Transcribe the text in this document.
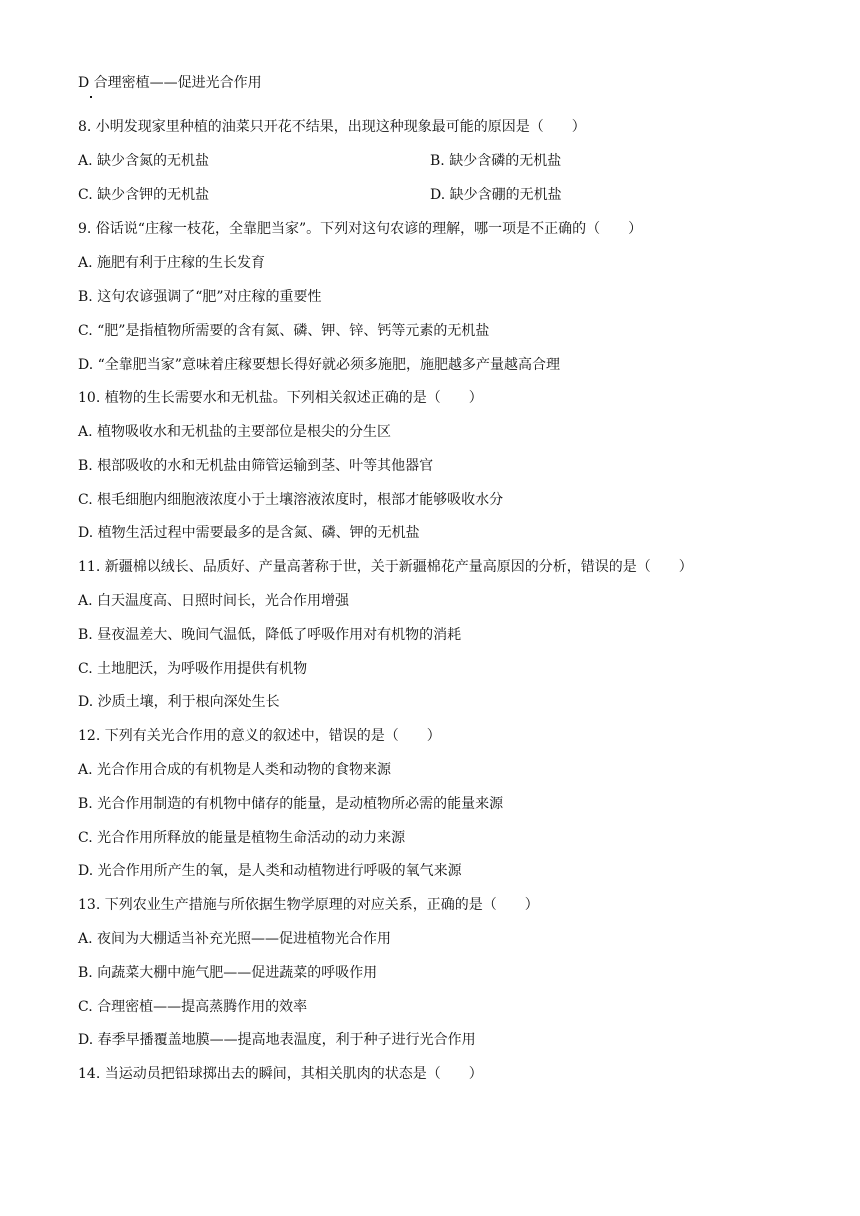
D 合理密植——促进光合作用
8. 小明发现家里种植的油菜只开花不结果，出现这种现象最可能的原因是（　　）
A. 缺少含氮的无机盐	B. 缺少含磷的无机盐
C. 缺少含钾的无机盐	D. 缺少含硼的无机盐
9. 俗话说“庄稼一枝花，全靠肥当家”。下列对这句农谚的理解，哪一项是不正确的（　　）
A. 施肥有利于庄稼的生长发育
B. 这句农谚强调了“肥”对庄稼的重要性
C. “肥”是指植物所需要的含有氮、磷、钾、锌、钙等元素的无机盐
D. “全靠肥当家”意味着庄稼要想长得好就必须多施肥，施肥越多产量越高合理
10. 植物的生长需要水和无机盐。下列相关叙述正确的是（　　）
A. 植物吸收水和无机盐的主要部位是根尖的分生区
B. 根部吸收的水和无机盐由筛管运输到茎、叶等其他器官
C. 根毛细胞内细胞液浓度小于土壤溶液浓度时，根部才能够吸收水分
D. 植物生活过程中需要最多的是含氮、磷、钾的无机盐
11. 新疆棉以绒长、品质好、产量高著称于世，关于新疆棉花产量高原因的分析，错误的是（　　）
A. 白天温度高、日照时间长，光合作用增强
B. 昼夜温差大、晚间气温低，降低了呼吸作用对有机物的消耗
C. 土地肥沃，为呼吸作用提供有机物
D. 沙质土壤，利于根向深处生长
12. 下列有关光合作用的意义的叙述中，错误的是（　　）
A. 光合作用合成的有机物是人类和动物的食物来源
B. 光合作用制造的有机物中储存的能量，是动植物所必需的能量来源
C. 光合作用所释放的能量是植物生命活动的动力来源
D. 光合作用所产生的氧，是人类和动植物进行呼吸的氧气来源
13. 下列农业生产措施与所依据生物学原理的对应关系，正确的是（　　）
A. 夜间为大棚适当补充光照——促进植物光合作用
B. 向蔬菜大棚中施气肥——促进蔬菜的呼吸作用
C. 合理密植——提高蒸腾作用的效率
D. 春季早播覆盖地膜——提高地表温度，利于种子进行光合作用
14. 当运动员把铅球掷出去的瞬间，其相关肌肉的状态是（　　）
